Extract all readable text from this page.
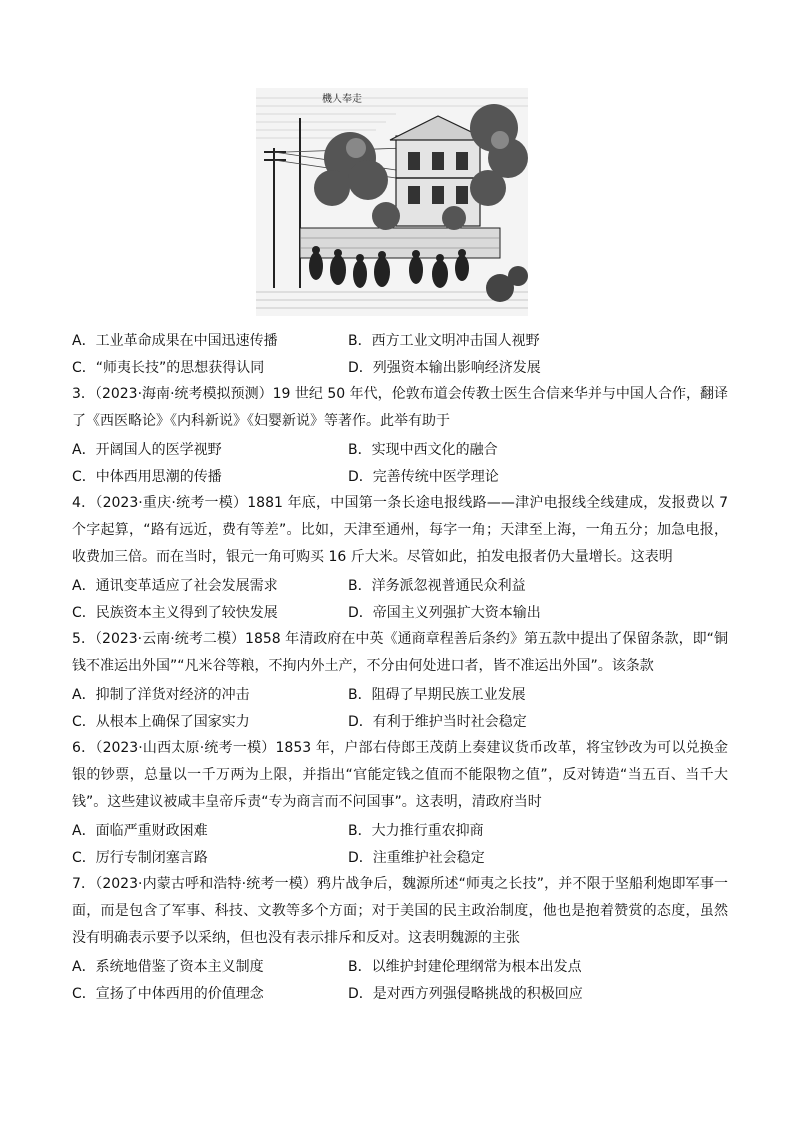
機人奉走
A．工业革命成果在中国迅速传播	B．西方工业文明冲击国人视野
C．“师夷长技”的思想获得认同	D．列强资本输出影响经济发展
3．（2023·海南·统考模拟预测）19 世纪 50 年代，伦敦布道会传教士医生合信来华并与中国人合作，翻译了《西医略论》《内科新说》《妇婴新说》等著作。此举有助于
A．开阔国人的医学视野	B．实现中西文化的融合
C．中体西用思潮的传播	D．完善传统中医学理论
4．（2023·重庆·统考一模）1881 年底，中国第一条长途电报线路——津沪电报线全线建成，发报费以 7 个字起算，“路有远近，费有等差”。比如，天津至通州，每字一角；天津至上海，一角五分；加急电报，收费加三倍。而在当时，银元一角可购买 16 斤大米。尽管如此，拍发电报者仍大量增长。这表明
A．通讯变革适应了社会发展需求	B．洋务派忽视普通民众利益
C．民族资本主义得到了较快发展	D．帝国主义列强扩大资本输出
5．（2023·云南·统考二模）1858 年清政府在中英《通商章程善后条约》第五款中提出了保留条款，即“铜钱不准运出外国”“凡米谷等粮，不拘内外土产，不分由何处进口者，皆不准运出外国”。该条款
A．抑制了洋货对经济的冲击	B．阻碍了早期民族工业发展
C．从根本上确保了国家实力	D．有利于维护当时社会稳定
6．（2023·山西太原·统考一模）1853 年，户部右侍郎王茂荫上奏建议货币改革，将宝钞改为可以兑换金银的钞票，总量以一千万两为上限，并指出“官能定钱之值而不能限物之值”，反对铸造“当五百、当千大钱”。这些建议被咸丰皇帝斥责“专为商言而不问国事”。这表明，清政府当时
A．面临严重财政困难	B．大力推行重农抑商
C．厉行专制闭塞言路	D．注重维护社会稳定
7．（2023·内蒙古呼和浩特·统考一模）鸦片战争后，魏源所述“师夷之长技”，并不限于坚船利炮即军事一面，而是包含了军事、科技、文教等多个方面；对于美国的民主政治制度，他也是抱着赞赏的态度，虽然没有明确表示要予以采纳，但也没有表示排斥和反对。这表明魏源的主张
A．系统地借鉴了资本主义制度	B．以维护封建伦理纲常为根本出发点
C．宣扬了中体西用的价值理念	D．是对西方列强侵略挑战的积极回应
